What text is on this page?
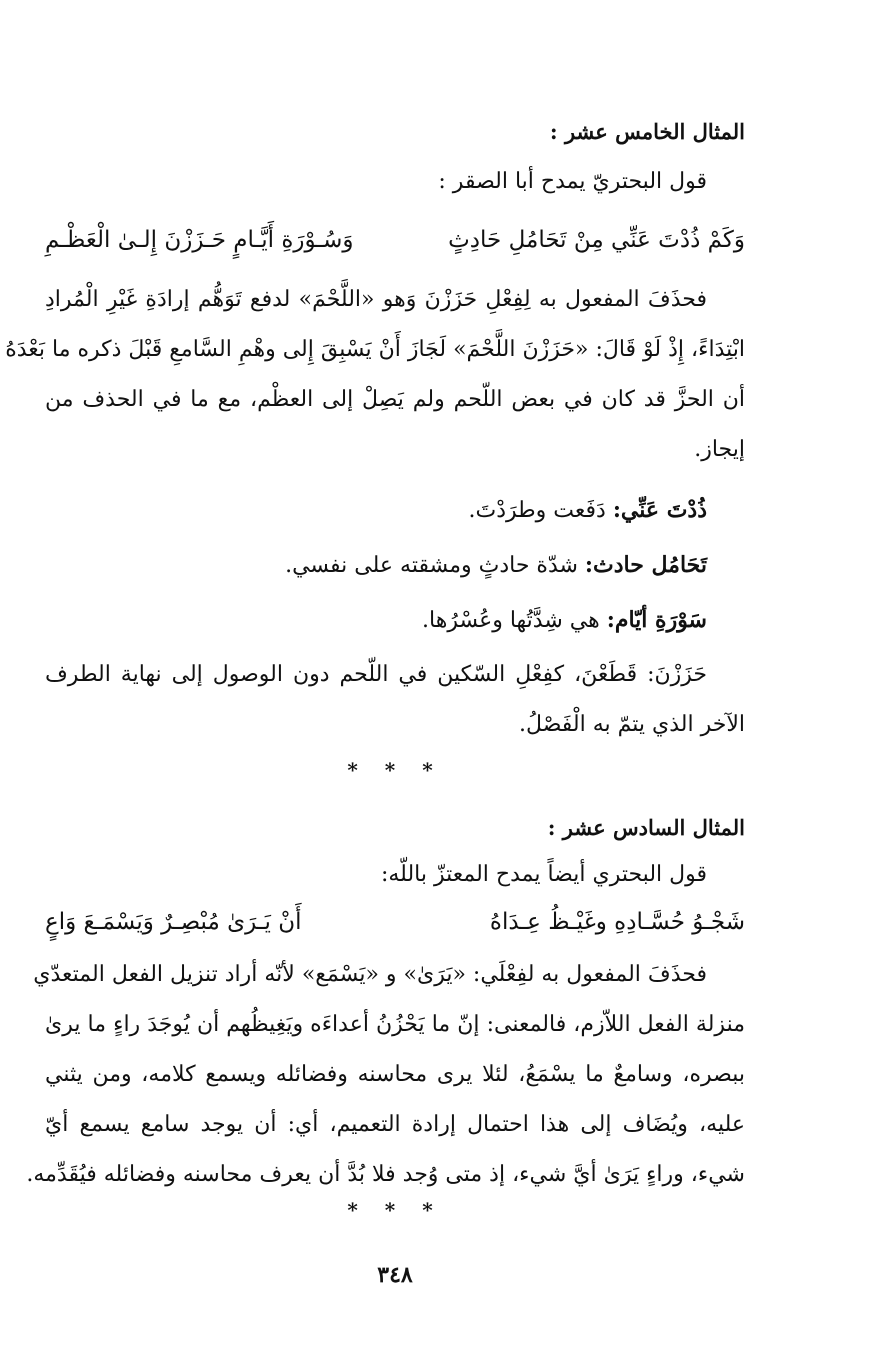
المثال الخامس عشر :
قول البحتريّ يمدح أبا الصقر :
وَكَمْ ذُدْتَ عَنِّي مِنْ تَحَامُلِ حَادِثٍ
وَسُـوْرَةِ أَيَّـامٍ حَـزَزْنَ إِلـىٰ الْعَظْـمِ
فحذَفَ المفعول به لِفِعْلِ حَزَزْنَ وَهو «اللَّحْمَ» لدفع تَوَهُّم إرادَةِ غَيْرِ الْمُرادِ
ابْتِدَاءً، إِذْ لَوْ قَالَ: «حَزَزْنَ اللَّحْمَ» لَجَازَ أَنْ يَسْبِقَ إِلى وهْمِ السَّامعِ قَبْلَ ذكره ما بَعْدَهُ
أن الحزَّ قد كان في بعض اللّحم ولم يَصِلْ إلى العظْم، مع ما في الحذف من
إيجاز.
ذُدْتَ عَنِّي: دَفَعت وطرَدْتَ.
تَحَامُل حادث: شدّة حادثٍ ومشقته على نفسي.
سَوْرَةِ أيّام: هي شِدَّتُها وعُسْرُها.
حَزَزْنَ: قَطَعْنَ، كفِعْلِ السّكين في اللّحم دون الوصول إلى نهاية الطرف
الآخر الذي يتمّ به الْفَصْلُ.
* * *
المثال السادس عشر :
قول البحتري أيضاً يمدح المعتزّ باللّه:
شَجْـوُ حُسَّـادِهِ وغَيْـظُ عِـدَاهُ
أَنْ يَـرَىٰ مُبْصِـرٌ وَيَسْمَـعَ وَاعٍ
فحذَفَ المفعول به لفِعْلَي: «يَرَىٰ» و «يَسْمَع» لأنّه أراد تنزيل الفعل المتعدّي
منزلة الفعل اللاّزم، فالمعنى: إنّ ما يَحْزُنُ أعداءَه ويَغِيظُهم أن يُوجَدَ راءٍ ما يرىٰ
ببصره، وسامعٌ ما يسْمَعُ، لئلا يرى محاسنه وفضائله ويسمع كلامه، ومن يثني
عليه، ويُضَاف إلى هذا احتمال إرادة التعميم، أي: أن يوجد سامع يسمع أيّ
شيء، وراءٍ يَرَىٰ أيَّ شيء، إذ متى وُجد فلا بُدَّ أن يعرف محاسنه وفضائله فيُقَدِّمه.
* * *
٣٤٨
